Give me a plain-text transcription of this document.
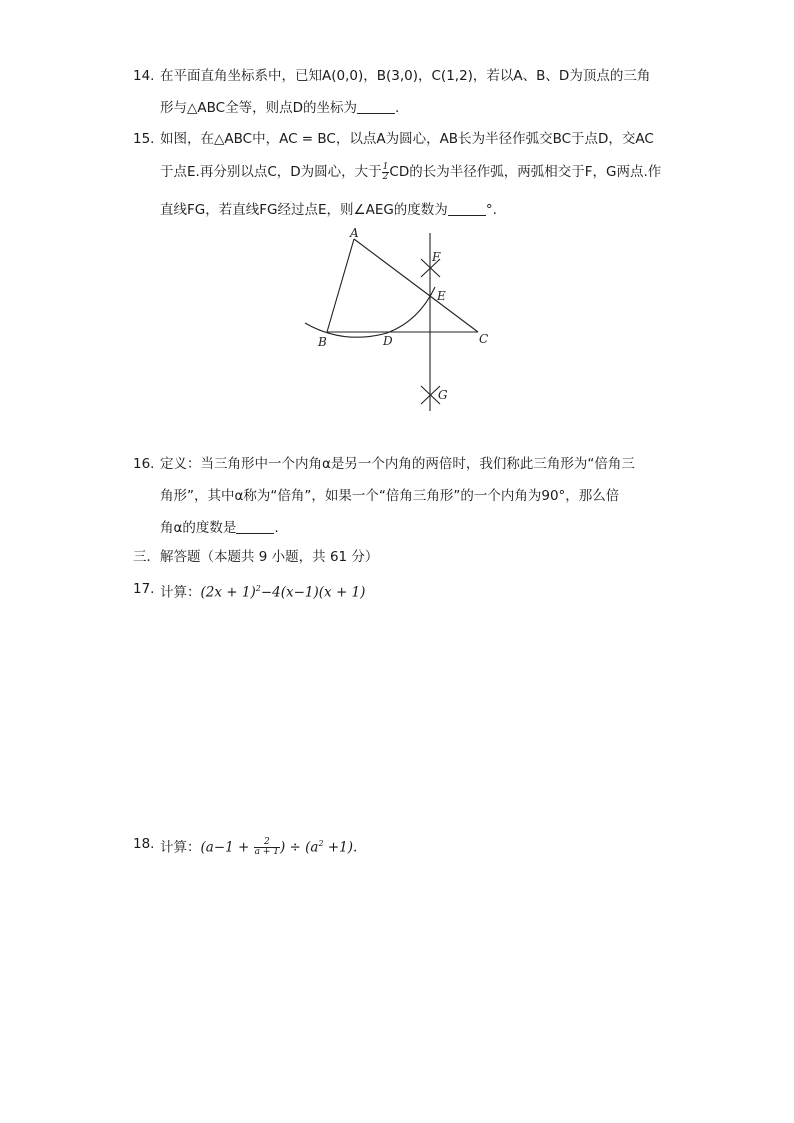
14. 在平面直角坐标系中，已知A(0,0)，B(3,0)，C(1,2)，若以A、B、D为顶点的三角
形与△ABC全等，则点D的坐标为	.
15. 如图，在△ABC中，AC = BC，以点A为圆心，AB长为半径作弧交BC于点D，交AC
于点E.再分别以点C，D为圆心，大于 $\frac{1}{2}$ CD的长为半径作弧，两弧相交于F，G两点.作
直线FG，若直线FG经过点E，则∠AEG的度数为	°.
A
B	D	C
E
F
G
16. 定义：当三角形中一个内角α是另一个内角的两倍时，我们称此三角形为“倍角三
角形”，其中α称为“倍角”，如果一个“倍角三角形”的一个内角为90°，那么倍
角α的度数是	.
三．解答题（本题共 9 小题，共 61 分）
17. 计算：$(2x + 1)^2-4(x-1)(x + 1)$
18. 计算：($a-1 + \frac{2}{a + 1}$ ) ÷ $(a^2 +1)$.
